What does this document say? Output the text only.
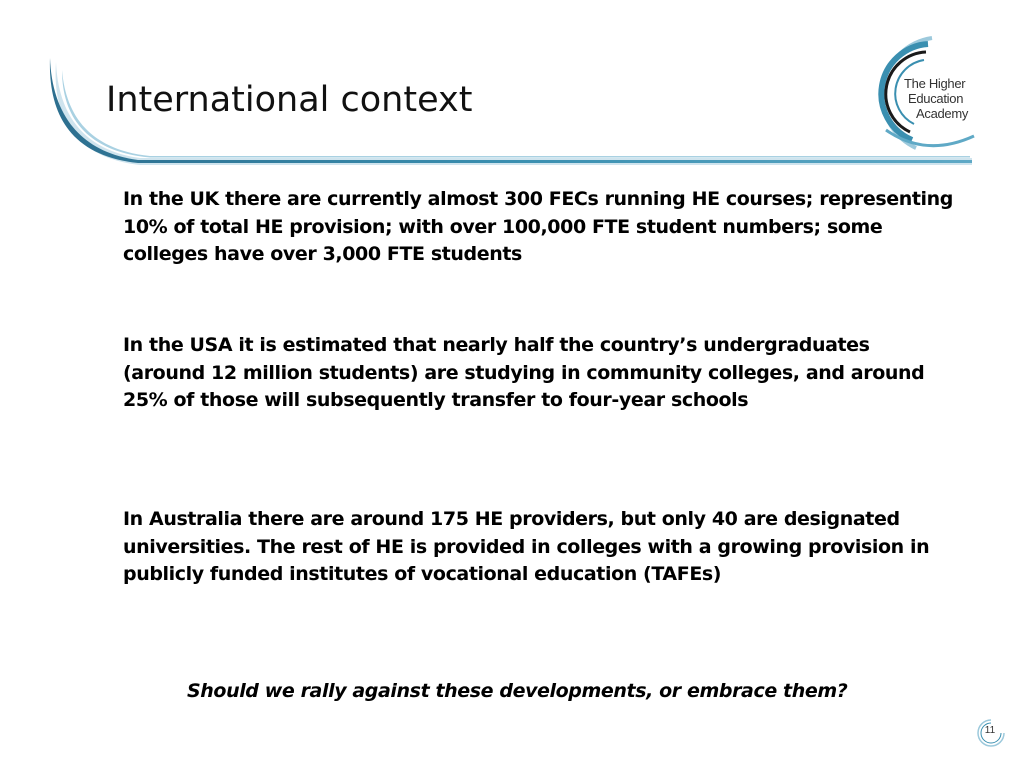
International context	The Higher
Education
Academy

In the UK there are currently almost 300 FECs running HE courses; representing 10% of total HE provision; with over 100,000 FTE student numbers; some colleges have over 3,000 FTE students

In the USA it is estimated that nearly half the country’s undergraduates (around 12 million students) are studying in community colleges, and around 25% of those will subsequently transfer to four-year schools

In Australia there are around 175 HE providers, but only 40 are designated universities. The rest of HE is provided in colleges with a growing provision in publicly funded institutes of vocational education (TAFEs)

Should we rally against these developments, or embrace them?

11
